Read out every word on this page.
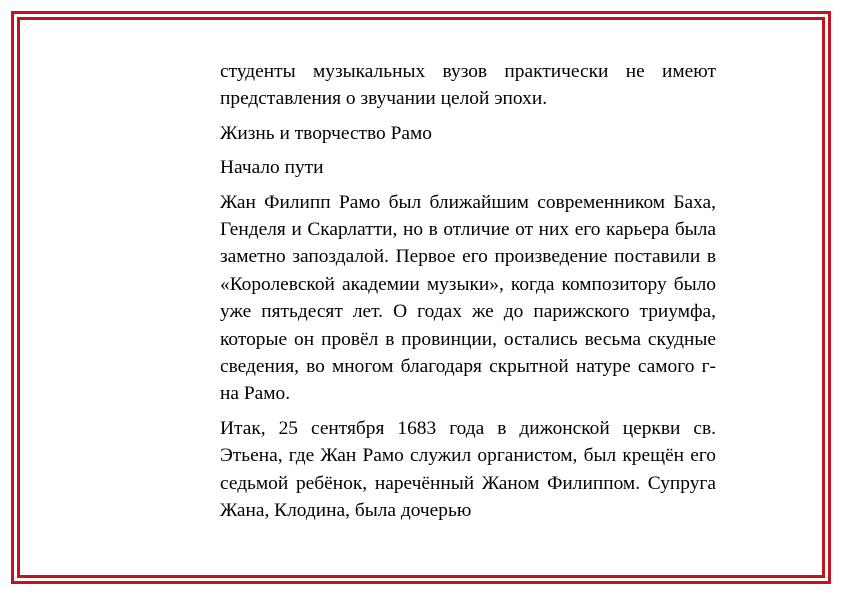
студенты музыкальных вузов практически не имеют представления о звучании целой эпохи.

Жизнь и творчество Рамо

Начало пути

Жан Филипп Рамо был ближайшим современником Баха, Генделя и Скарлатти, но в отличие от них его карьера была заметно запоздалой. Первое его произведение поставили в «Королевской академии музыки», когда композитору было уже пятьдесят лет. О годах же до парижского триумфа, которые он провёл в провинции, остались весьма скудные сведения, во многом благодаря скрытной натуре самого г-на Рамо.

Итак, 25 сентября 1683 года в дижонской церкви св. Этьена, где Жан Рамо служил органистом, был крещён его седьмой ребёнок, наречённый Жаном Филиппом. Супруга Жана, Клодина, была дочерью
